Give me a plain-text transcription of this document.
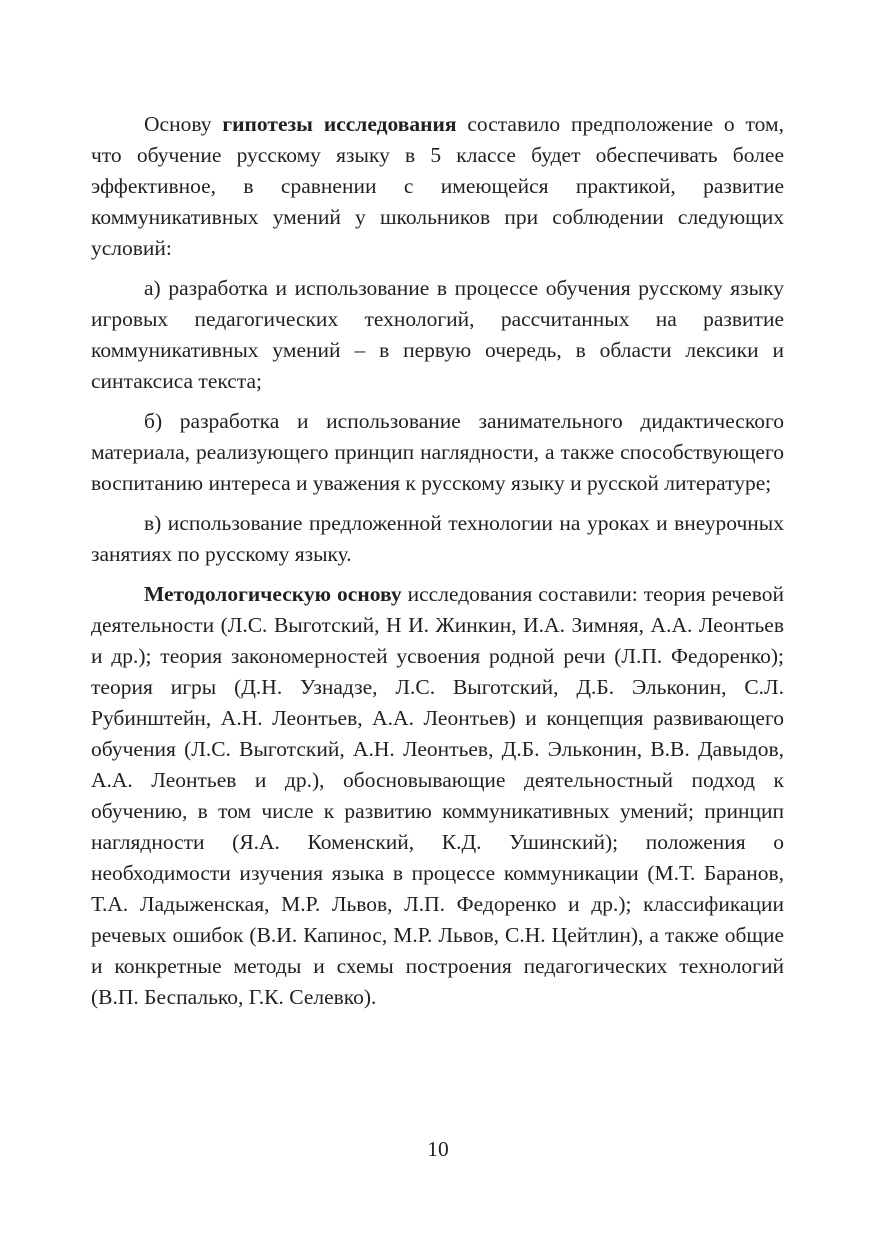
Основу гипотезы исследования составило предположение о том, что обучение русскому языку в 5 классе будет обеспечивать более эффективное, в сравнении с имеющейся практикой, развитие коммуникативных умений у школьников при соблюдении следующих условий:

а) разработка и использование в процессе обучения русскому языку игровых педагогических технологий, рассчитанных на развитие коммуникативных умений – в первую очередь, в области лексики и синтаксиса текста;

б) разработка и использование занимательного дидактического материала, реализующего принцип наглядности, а также способствующего воспитанию интереса и уважения к русскому языку и русской литературе;

в) использование предложенной технологии на уроках и внеурочных занятиях по русскому языку.

Методологическую основу исследования составили: теория речевой деятельности (Л.С. Выготский, Н И. Жинкин, И.А. Зимняя, А.А. Леонтьев и др.); теория закономерностей усвоения родной речи (Л.П. Федоренко); теория игры (Д.Н. Узнадзе, Л.С. Выготский, Д.Б. Эльконин, С.Л. Рубинштейн, А.Н. Леонтьев, А.А. Леонтьев) и концепция развивающего обучения (Л.С. Выготский, А.Н. Леонтьев, Д.Б. Эльконин, В.В. Давыдов, А.А. Леонтьев и др.), обосновывающие деятельностный подход к обучению, в том числе к развитию коммуникативных умений; принцип наглядности (Я.А. Коменский, К.Д. Ушинский); положения о необходимости изучения языка в процессе коммуникации (М.Т. Баранов, Т.А. Ладыженская, М.Р. Львов, Л.П. Федоренко и др.); классификации речевых ошибок (В.И. Капинос, М.Р. Львов, С.Н. Цейтлин), а также общие и конкретные методы и схемы построения педагогических технологий (В.П. Беспалько, Г.К. Селевко).

10
